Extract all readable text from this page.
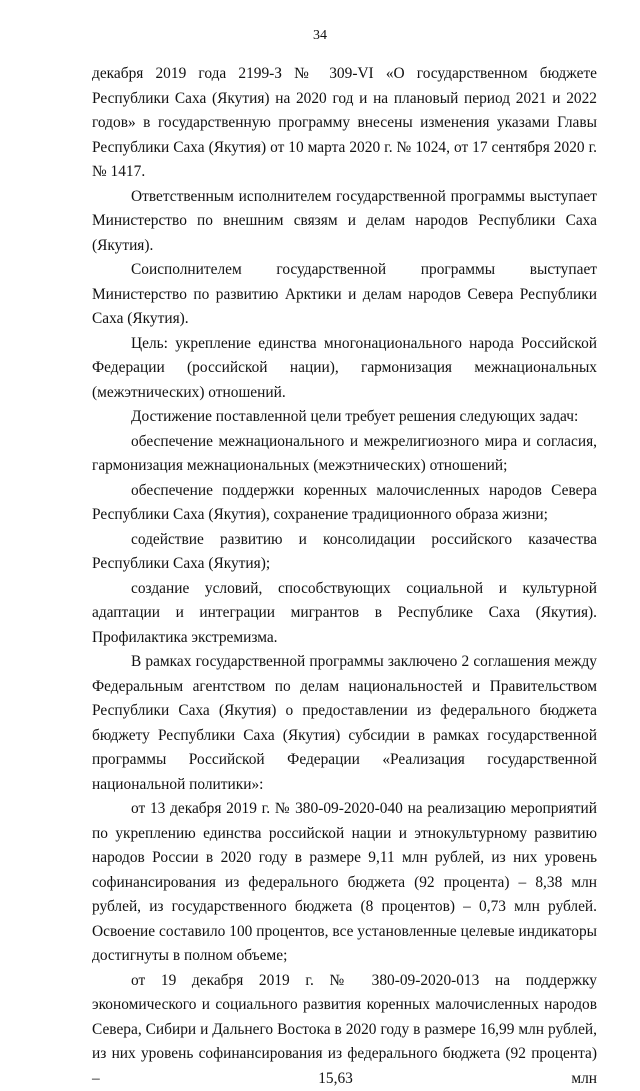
34

декабря 2019 года 2199-З № 309-VI «О государственном бюджете Республики Саха (Якутия) на 2020 год и на плановый период 2021 и 2022 годов» в государственную программу внесены изменения указами Главы Республики Саха (Якутия) от 10 марта 2020 г. № 1024, от 17 сентября 2020 г. № 1417.

Ответственным исполнителем государственной программы выступает Министерство по внешним связям и делам народов Республики Саха (Якутия).

Соисполнителем государственной программы выступает Министерство по развитию Арктики и делам народов Севера Республики Саха (Якутия).

Цель: укрепление единства многонационального народа Российской Федерации (российской нации), гармонизация межнациональных (межэтнических) отношений.

Достижение поставленной цели требует решения следующих задач:

обеспечение межнационального и межрелигиозного мира и согласия, гармонизация межнациональных (межэтнических) отношений;

обеспечение поддержки коренных малочисленных народов Севера Республики Саха (Якутия), сохранение традиционного образа жизни;

содействие развитию и консолидации российского казачества Республики Саха (Якутия);

создание условий, способствующих социальной и культурной адаптации и интеграции мигрантов в Республике Саха (Якутия). Профилактика экстремизма.

В рамках государственной программы заключено 2 соглашения между Федеральным агентством по делам национальностей и Правительством Республики Саха (Якутия) о предоставлении из федерального бюджета бюджету Республики Саха (Якутия) субсидии в рамках государственной программы Российской Федерации «Реализация государственной национальной политики»:

от 13 декабря 2019 г. № 380-09-2020-040 на реализацию мероприятий по укреплению единства российской нации и этнокультурному развитию народов России в 2020 году в размере 9,11 млн рублей, из них уровень софинансирования из федерального бюджета (92 процента) – 8,38 млн рублей, из государственного бюджета (8 процентов) – 0,73 млн рублей. Освоение составило 100 процентов, все установленные целевые индикаторы достигнуты в полном объеме;

от 19 декабря 2019 г. № 380-09-2020-013 на поддержку экономического и социального развития коренных малочисленных народов Севера, Сибири и Дальнего Востока в 2020 году в размере 16,99 млн рублей, из них уровень софинансирования из федерального бюджета (92 процента) – 15,63 млн
